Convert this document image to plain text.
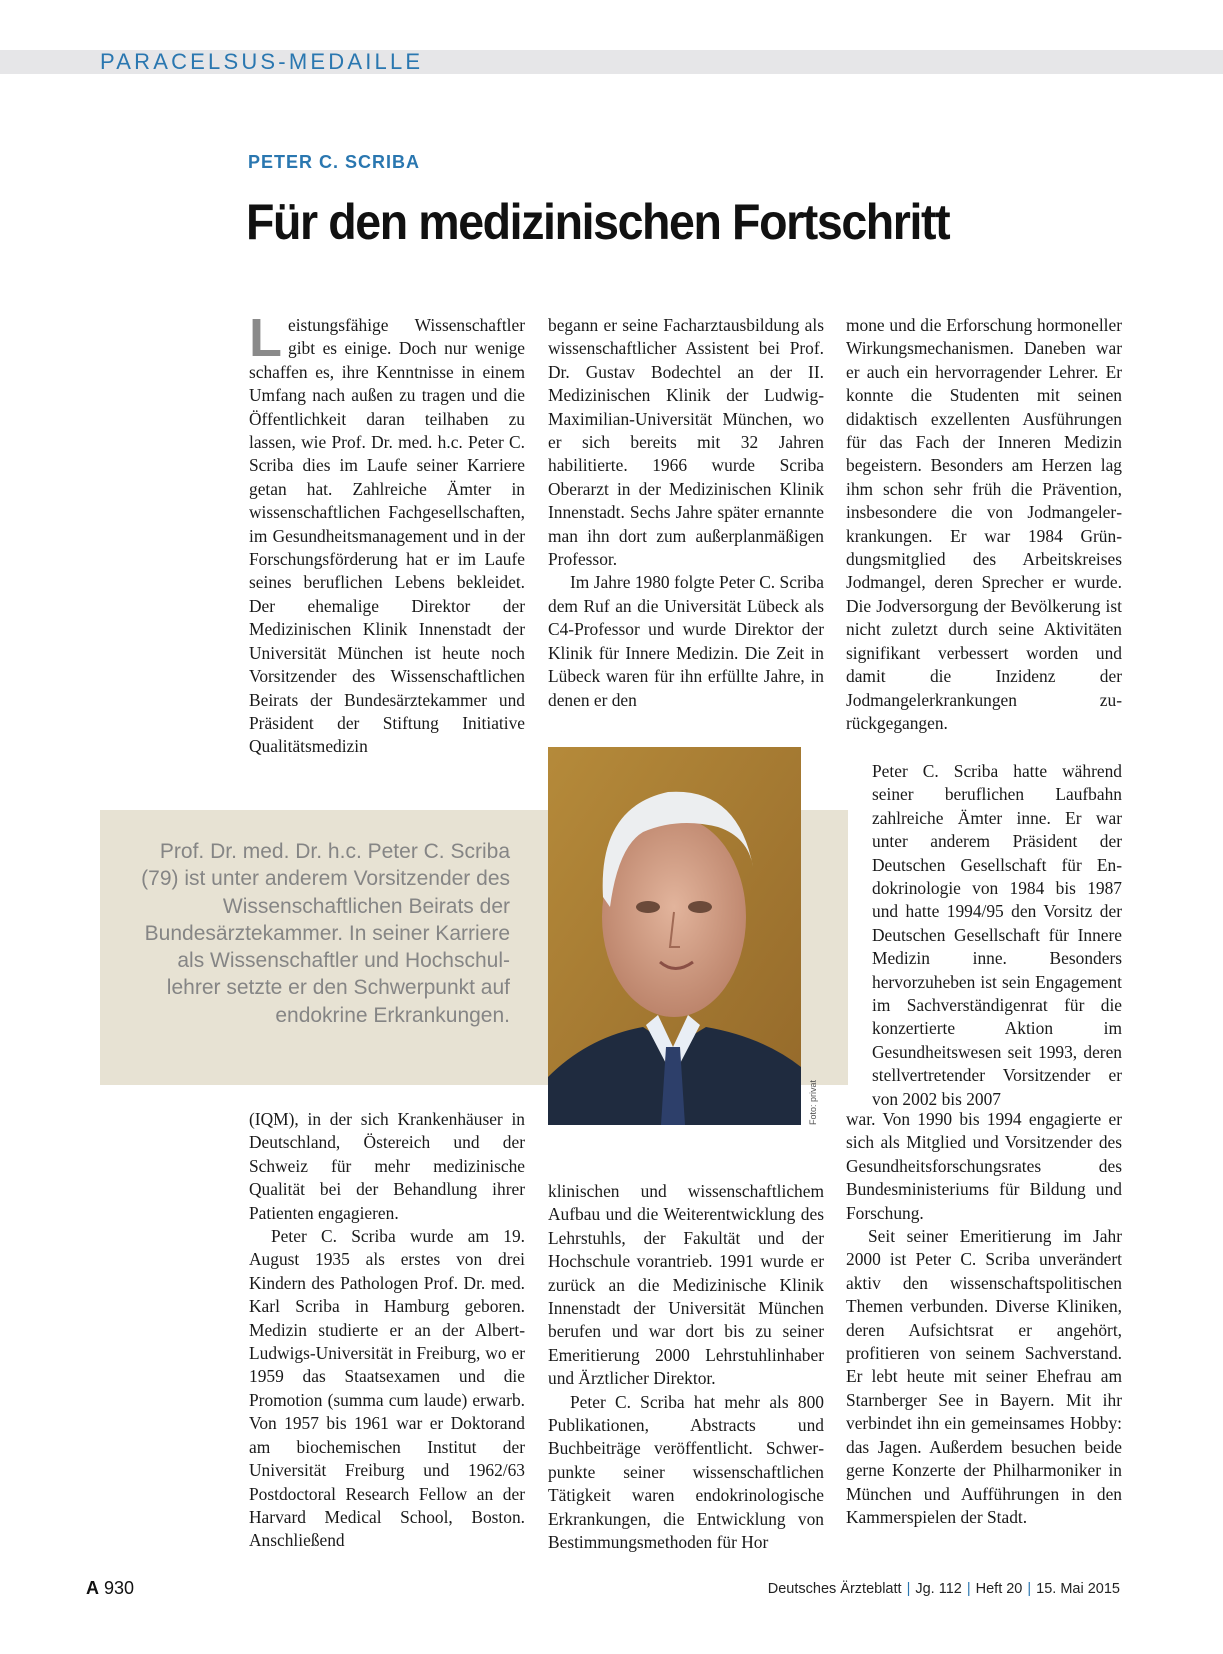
PARACELSUS-MEDAILLE
PETER C. SCRIBA
Für den medizinischen Fortschritt

Leistungsfähige Wissenschaftler gibt es einige. Doch nur wenige schaffen es, ihre Kenntnisse in einem Umfang nach außen zu tragen und die Öffentlichkeit daran teilhaben zu lassen, wie Prof. Dr. med. h.c. Peter C. Scriba dies im Laufe seiner Karriere getan hat. Zahlreiche Ämter in wissenschaftlichen Fachgesellschaften, im Gesundheitsmanagement und in der Forschungsförderung hat er im Laufe seines beruflichen Lebens bekleidet. Der ehemalige Direktor der Medizinischen Klinik Innenstadt der Universität München ist heute noch Vorsitzender des Wissenschaftlichen Beirats der Bundesärztekammer und Präsident der Stiftung Initiative Qualitätsmedizin

begann er seine Facharztausbildung als wissenschaftlicher Assistent bei Prof. Dr. Gustav Bodechtel an der II. Medizinischen Klinik der Ludwig-Maximilian-Universität München, wo er sich bereits mit 32 Jahren habilitierte. 1966 wurde Scriba Oberarzt in der Medizinischen Klinik Innenstadt. Sechs Jahre später ernannte man ihn dort zum außerplanmäßigen Professor.

Im Jahre 1980 folgte Peter C. Scriba dem Ruf an die Universität Lübeck als C4-Professor und wurde Direktor der Klinik für Innere Medizin. Die Zeit in Lübeck waren für ihn erfüllte Jahre, in denen er den

mone und die Erforschung hormoneller Wirkungsmechanismen. Daneben war er auch ein hervorragender Lehrer. Er konnte die Studenten mit seinen didaktisch exzellenten Ausführungen für das Fach der Inneren Medizin begeistern. Besonders am Herzen lag ihm schon sehr früh die Prävention, insbesondere die von Jodmangelerkrankungen. Er war 1984 Gründungsmitglied des Arbeitskreises Jodmangel, deren Sprecher er wurde. Die Jodversorgung der Bevölkerung ist nicht zuletzt durch seine Aktivitäten signifikant verbessert worden und damit die Inzidenz der Jodmangelerkrankungen zurückgegangen.

Prof. Dr. med. Dr. h.c. Peter C. Scriba (79) ist unter anderem Vorsitzender des Wissenschaftlichen Beirats der Bundesärztekammer. In seiner Karriere als Wissenschaftler und Hochschullehrer setzte er den Schwerpunkt auf endokrine Erkrankungen.

Peter C. Scriba hatte während seiner beruflichen Laufbahn zahlreiche Ämter inne. Er war unter anderem Präsident der Deutschen Gesellschaft für Endokrinologie von 1984 bis 1987 und hatte 1994/95 den Vorsitz der Deutschen Gesellschaft für Innere Medizin inne. Besonders hervorzuheben ist sein Engagement im Sachverständigenrat für die konzertierte Aktion im Gesundheitswesen seit 1993, deren stellvertretender Vorsitzender er von 2002 bis 2007

Foto: privat

(IQM), in der sich Krankenhäuser in Deutschland, Östereich und der Schweiz für mehr medizinische Qualität bei der Behandlung ihrer Patienten engagieren.

Peter C. Scriba wurde am 19. August 1935 als erstes von drei Kindern des Pathologen Prof. Dr. med. Karl Scriba in Hamburg geboren. Medizin studierte er an der Albert-Ludwigs-Universität in Freiburg, wo er 1959 das Staatsexamen und die Promotion (summa cum laude) erwarb. Von 1957 bis 1961 war er Doktorand am biochemischen Institut der Universität Freiburg und 1962/63 Postdoctoral Research Fellow an der Harvard Medical School, Boston. Anschließend

klinischen und wissenschaftlichem Aufbau und die Weiterentwicklung des Lehrstuhls, der Fakultät und der Hochschule vorantrieb. 1991 wurde er zurück an die Medizinische Klinik Innenstadt der Universität München berufen und war dort bis zu seiner Emeritierung 2000 Lehrstuhlinhaber und Ärztlicher Direktor.

Peter C. Scriba hat mehr als 800 Publikationen, Abstracts und Buchbeiträge veröffentlicht. Schwerpunkte seiner wissenschaftlichen Tätigkeit waren endokrinologische Erkrankungen, die Entwicklung von Bestimmungsmethoden für Hor

war. Von 1990 bis 1994 engagierte er sich als Mitglied und Vorsitzender des Gesundheitsforschungsrates des Bundesministeriums für Bildung und Forschung.

Seit seiner Emeritierung im Jahr 2000 ist Peter C. Scriba unverändert aktiv den wissenschaftspolitischen Themen verbunden. Diverse Kliniken, deren Aufsichtsrat er angehört, profitieren von seinem Sachverstand. Er lebt heute mit seiner Ehefrau am Starnberger See in Bayern. Mit ihr verbindet ihn ein gemeinsames Hobby: das Jagen. Außerdem besuchen beide gerne Konzerte der Philharmoniker in München und Aufführungen in den Kammerspielen der Stadt.

A 930	Deutsches Ärzteblatt | Jg. 112 | Heft 20 | 15. Mai 2015
